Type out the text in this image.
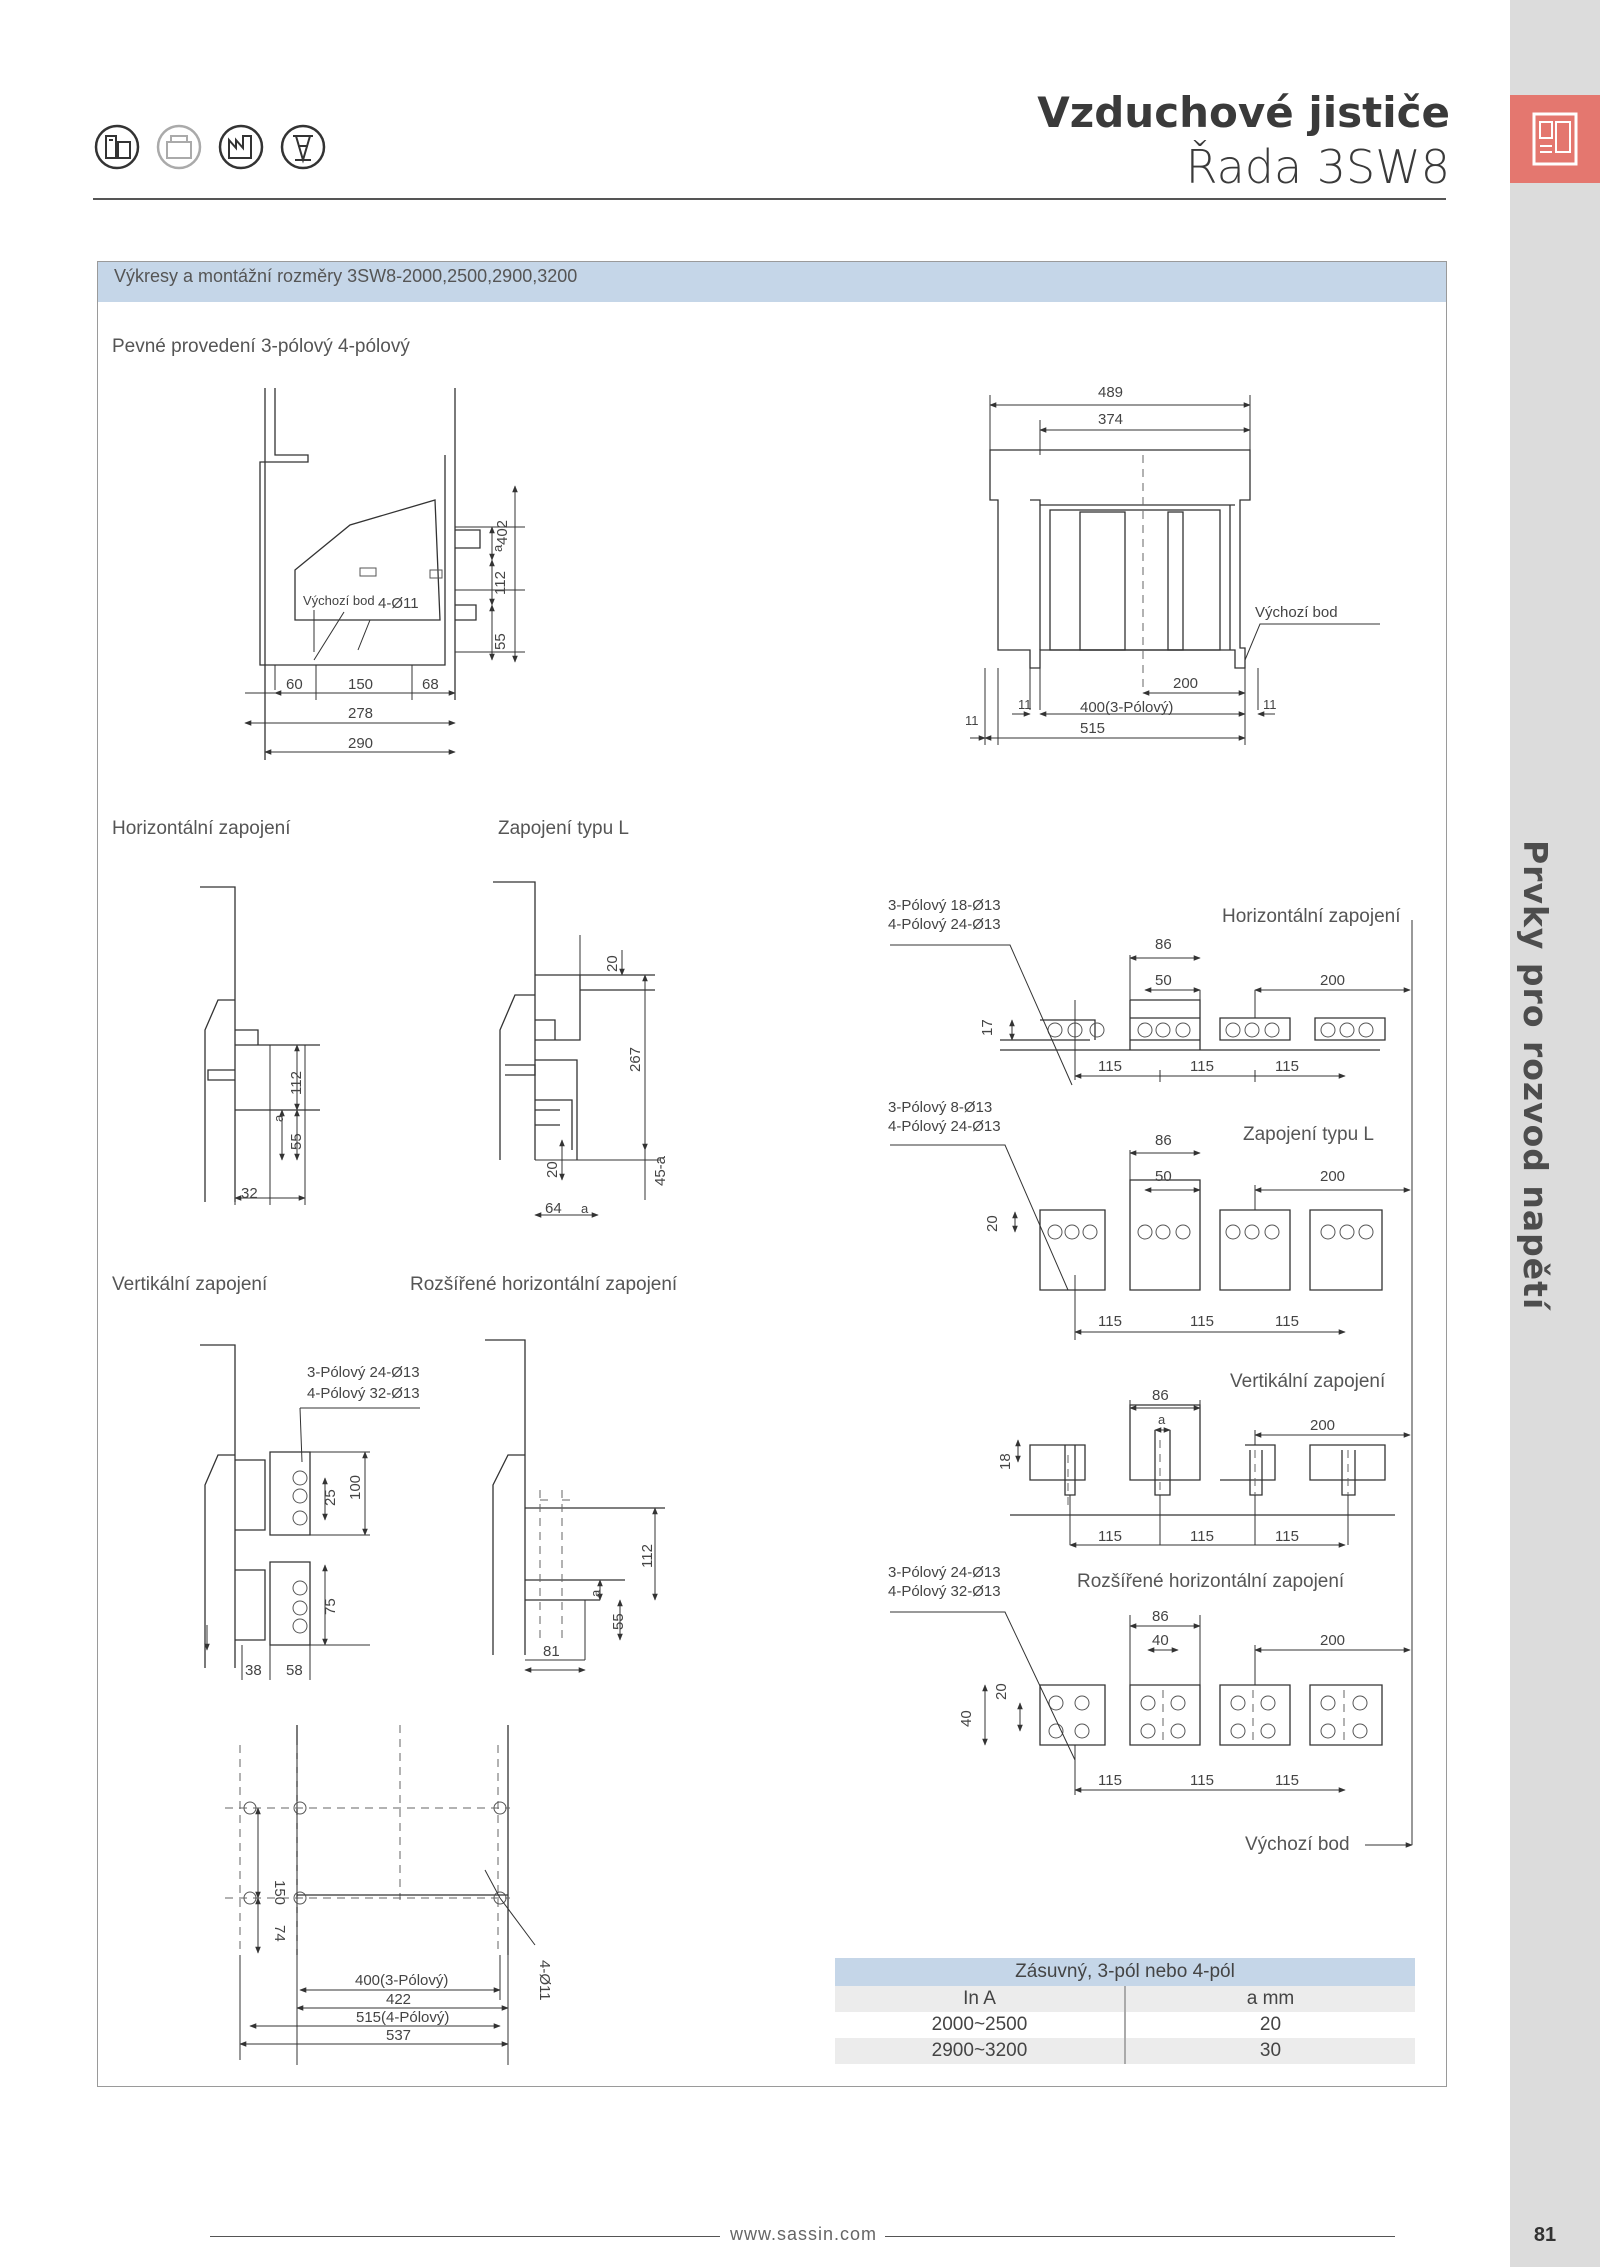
Prvky pro rozvod napětí
Vzduchové jističe
Řada 3SW8
Výkresy a montážní rozměry 3SW8-2000,2500,2900,3200
Pevné provedení 3-pólový 4-pólový
Horizontální zapojení	Zapojení typu L
Vertikální zapojení	Rozšířené horizontální zapojení
Horizontální zapojení
Zapojení typu L
Vertikální zapojení
Rozšířené horizontální zapojení
Výchozí bod
402
a
112
55
Výchozí bod 4-Ø11
60	150	68
278
290
489
374
Výchozí bod
200
400(3-Pólový)
515
11
11	11
112
a
55
32
20
267
20	45-a
64 a
3-Pólový 24-Ø13
4-Pólový 32-Ø13
25 100
75
38 58
112
a
55
81
150
74
4-Ø11
400(3-Pólový)
422
515(4-Pólový)
537
3-Pólový 18-Ø13
4-Pólový 24-Ø13
86
50	200
17
115	115	115
3-Pólový 8-Ø13
4-Pólový 24-Ø13
86
50	200
20
115	115	115
86
a	200
18
115	115	115
3-Pólový 24-Ø13
4-Pólový 32-Ø13
86
40	200
20
40
115	115	115
Zásuvný, 3-pól nebo 4-pól
In A	a mm
2000~2500	20
2900~3200	30
www.sassin.com	81
